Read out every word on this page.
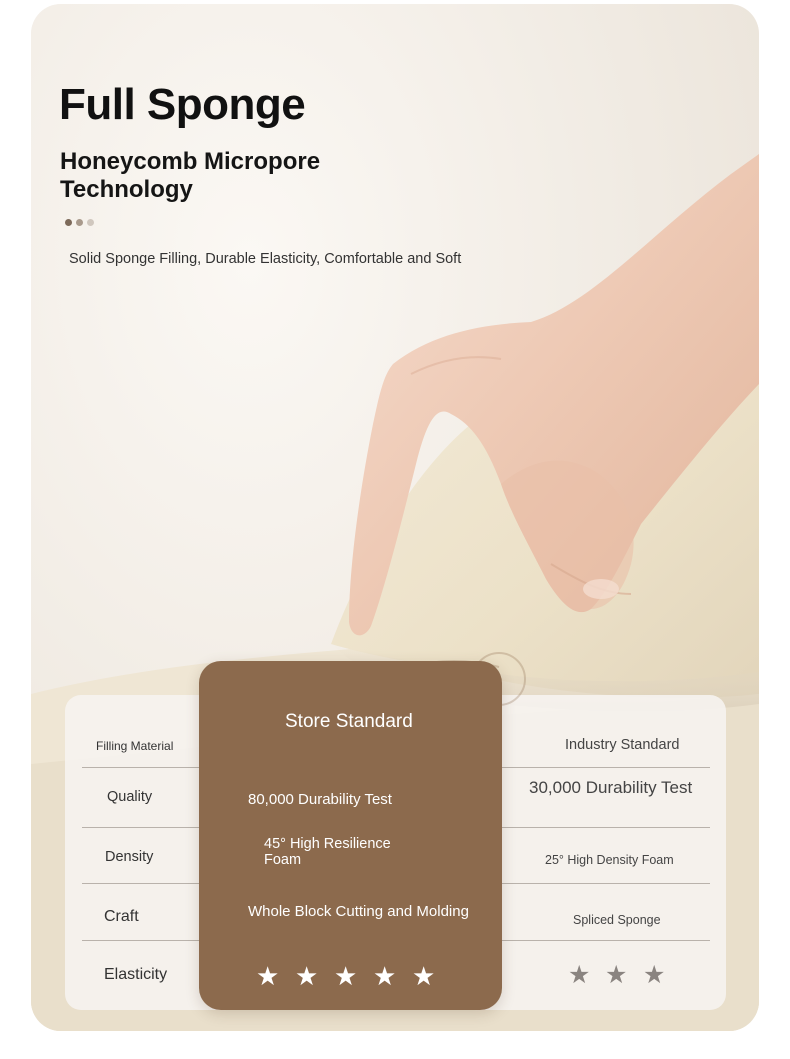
Full Sponge
Honeycomb Micropore Technology

Solid Sponge Filling, Durable Elasticity, Comfortable and Soft

Filling Material
Quality
Density
Craft
Elasticity
Industry Standard
30,000 Durability Test
25° High Density Foam
Spliced Sponge
★ ★ ★
Store Standard
80,000 Durability Test
45° High Resilience Foam
Whole Block Cutting and Molding
★ ★ ★ ★ ★
